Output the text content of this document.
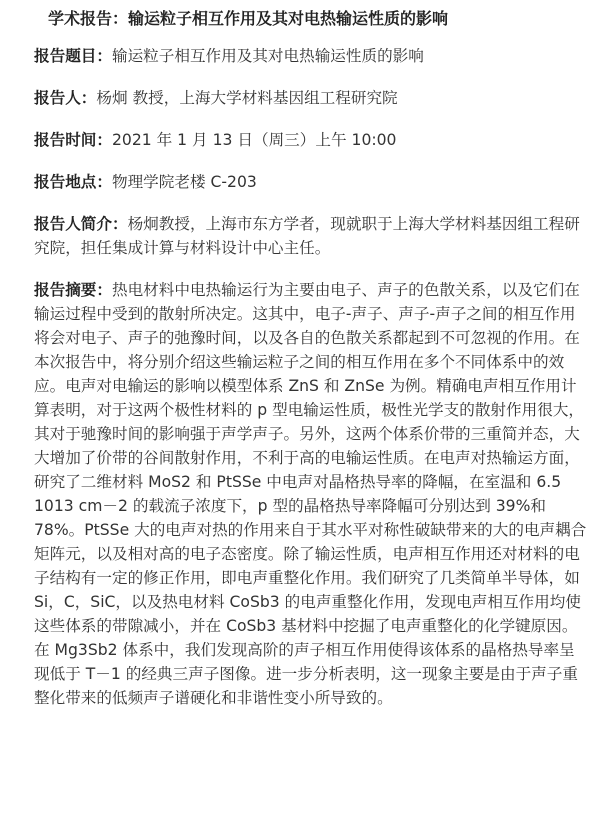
学术报告：输运粒子相互作用及其对电热输运性质的影响

报告题目：输运粒子相互作用及其对电热输运性质的影响

报告人：杨炯 教授，上海大学材料基因组工程研究院

报告时间：2021 年 1 月 13 日（周三）上午 10:00

报告地点：物理学院老楼 C-203

报告人简介：杨炯教授，上海市东方学者，现就职于上海大学材料基因组工程研究院，担任集成计算与材料设计中心主任。

报告摘要：热电材料中电热输运行为主要由电子、声子的色散关系，以及它们在输运过程中受到的散射所决定。这其中，电子-声子、声子-声子之间的相互作用将会对电子、声子的弛豫时间，以及各自的色散关系都起到不可忽视的作用。在本次报告中，将分别介绍这些输运粒子之间的相互作用在多个不同体系中的效应。电声对电输运的影响以模型体系 ZnS 和 ZnSe 为例。精确电声相互作用计算表明，对于这两个极性材料的 p 型电输运性质，极性光学支的散射作用很大，其对于驰豫时间的影响强于声学声子。另外，这两个体系价带的三重简并态，大大增加了价带的谷间散射作用，不利于高的电输运性质。在电声对热输运方面，研究了二维材料 MoS2 和 PtSSe 中电声对晶格热导率的降幅，在室温和 6.5 1013 cm－2 的载流子浓度下，p 型的晶格热导率降幅可分别达到 39%和 78%。PtSSe 大的电声对热的作用来自于其水平对称性破缺带来的大的电声耦合矩阵元，以及相对高的电子态密度。除了输运性质，电声相互作用还对材料的电子结构有一定的修正作用，即电声重整化作用。我们研究了几类简单半导体，如 Si，C，SiC，以及热电材料 CoSb3 的电声重整化作用，发现电声相互作用均使这些体系的带隙减小，并在 CoSb3 基材料中挖掘了电声重整化的化学键原因。在 Mg3Sb2 体系中，我们发现高阶的声子相互作用使得该体系的晶格热导率呈现低于 T－1 的经典三声子图像。进一步分析表明，这一现象主要是由于声子重整化带来的低频声子谱硬化和非谐性变小所导致的。
